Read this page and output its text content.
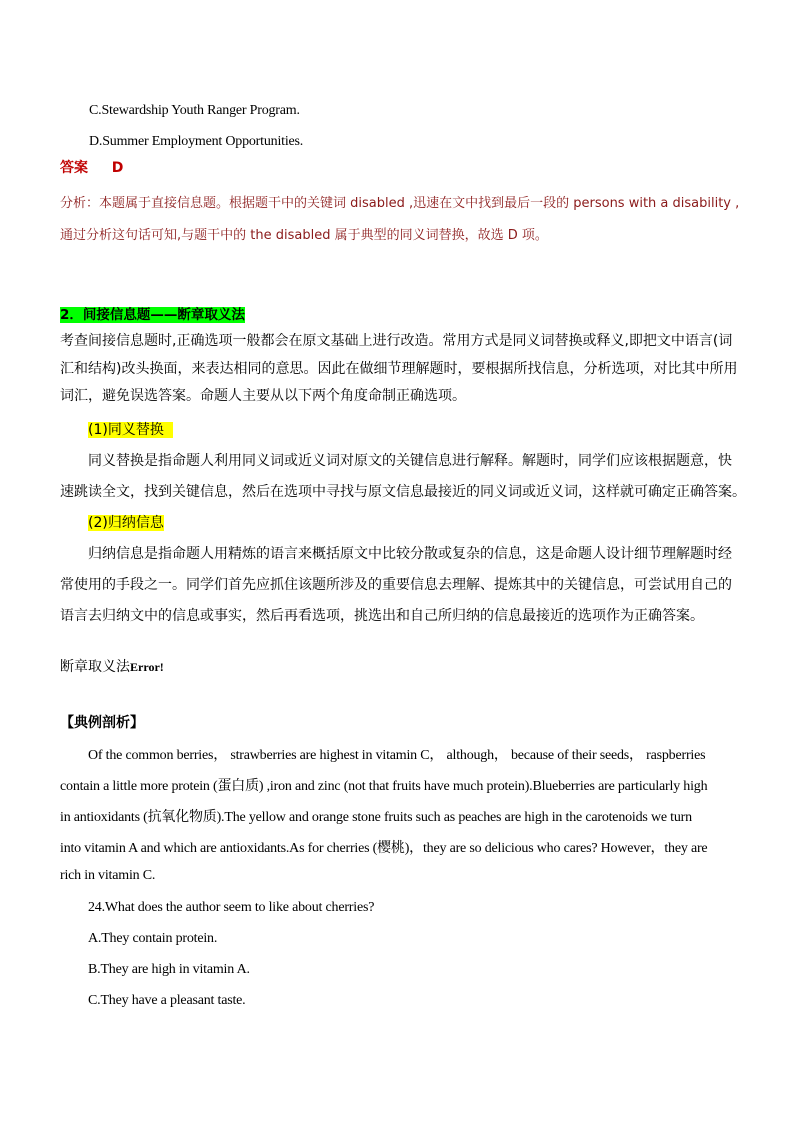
C.Stewardship Youth Ranger Program.
D.Summer Employment Opportunities.
答案 D
分析：本题属于直接信息题。根据题干中的关键词 disabled ,迅速在文中找到最后一段的 persons with a disability ,
通过分析这句话可知,与题干中的 the disabled 属于典型的同义词替换，故选 D 项。
2．间接信息题——断章取义法
考查间接信息题时,正确选项一般都会在原文基础上进行改造。常用方式是同义词替换或释义,即把文中语言(词
汇和结构)改头换面，来表达相同的意思。因此在做细节理解题时，要根据所找信息，分析选项，对比其中所用
词汇，避免误选答案。命题人主要从以下两个角度命制正确选项。
(1)同义替换
同义替换是指命题人利用同义词或近义词对原文的关键信息进行解释。解题时，同学们应该根据题意，快
速跳读全文，找到关键信息，然后在选项中寻找与原文信息最接近的同义词或近义词，这样就可确定正确答案。
(2)归纳信息
归纳信息是指命题人用精炼的语言来概括原文中比较分散或复杂的信息，这是命题人设计细节理解题时经
常使用的手段之一。同学们首先应抓住该题所涉及的重要信息去理解、提炼其中的关键信息，可尝试用自己的
语言去归纳文中的信息或事实，然后再看选项，挑选出和自己所归纳的信息最接近的选项作为正确答案。
断章取义法Error!
【典例剖析】
Of the common berries， strawberries are highest in vitamin C， although， because of their seeds， raspberries
contain a little more protein (蛋白质) ,iron and zinc (not that fruits have much protein).Blueberries are particularly high
in antioxidants (抗氧化物质).The yellow and orange stone fruits such as peaches are high in the carotenoids we turn
into vitamin A and which are antioxidants.As for cherries (樱桃)，they are so delicious who cares? However，they are
rich in vitamin C.
24.What does the author seem to like about cherries?
A.They contain protein.
B.They are high in vitamin A.
C.They have a pleasant taste.
